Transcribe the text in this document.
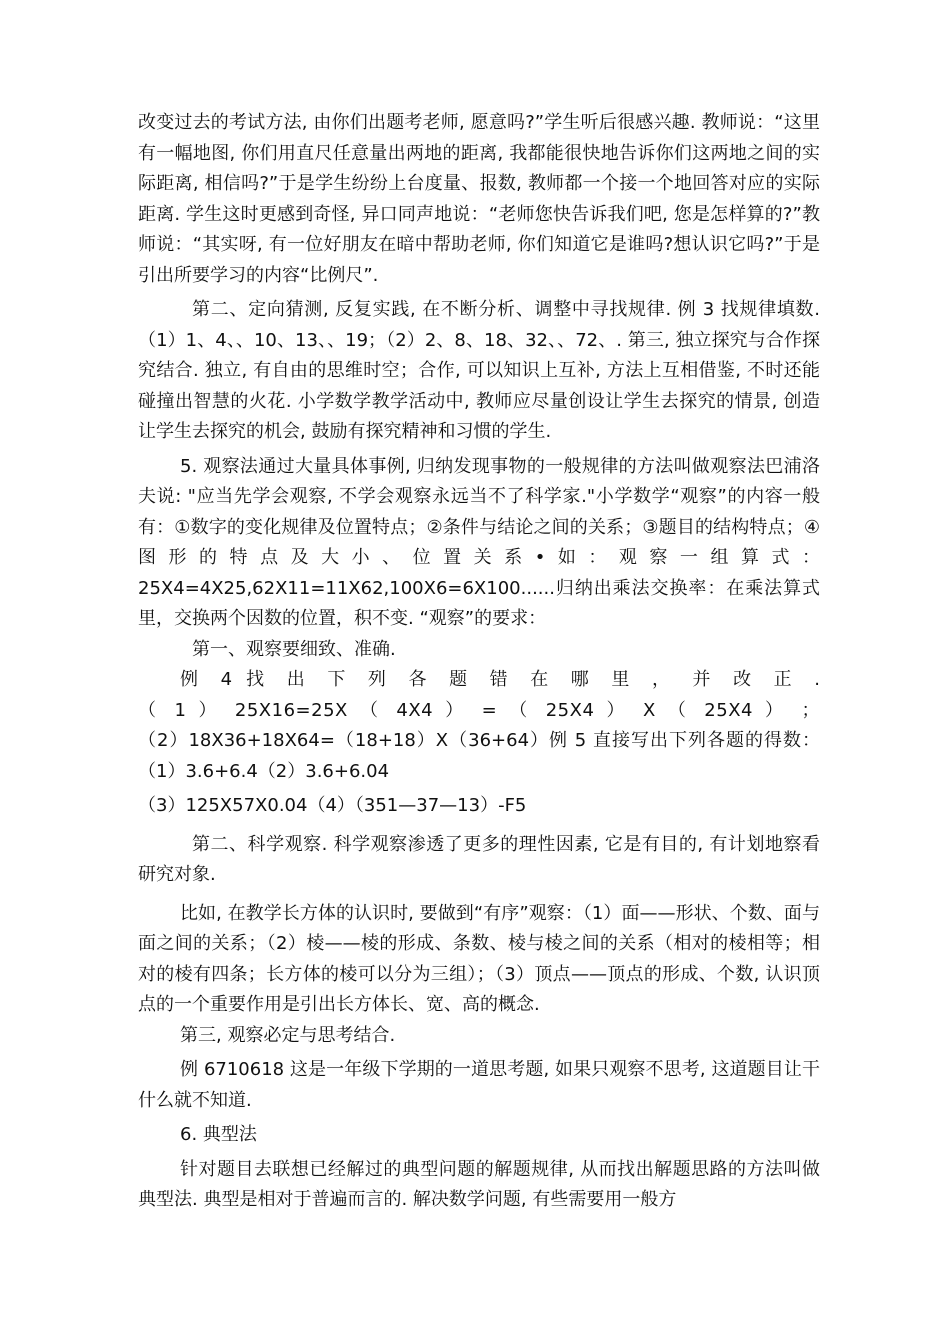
改变过去的考试方法, 由你们出题考老师, 愿意吗?”学生听后很感兴趣. 教师说：“这里有一幅地图, 你们用直尺任意量出两地的距离, 我都能很快地告诉你们这两地之间的实际距离, 相信吗?”于是学生纷纷上台度量、报数, 教师都一个接一个地回答对应的实际距离. 学生这时更感到奇怪, 异口同声地说：“老师您快告诉我们吧, 您是怎样算的?”教师说：“其实呀, 有一位好朋友在暗中帮助老师, 你们知道它是谁吗?想认识它吗?”于是引出所要学习的内容“比例尺”.

第二、定向猜测, 反复实践, 在不断分析、调整中寻找规律. 例 3 找规律填数. （1）1、4、、10、13、、19；（2）2、8、18、32、、72、. 第三, 独立探究与合作探究结合. 独立, 有自由的思维时空；合作, 可以知识上互补, 方法上互相借鉴, 不时还能碰撞出智慧的火花. 小学数学教学活动中, 教师应尽量创设让学生去探究的情景, 创造让学生去探究的机会, 鼓励有探究精神和习惯的学生.

5. 观察法通过大量具体事例, 归纳发现事物的一般规律的方法叫做观察法巴浦洛夫说: "应当先学会观察, 不学会观察永远当不了科学家."小学数学“观察”的内容一般有：①数字的变化规律及位置特点；②条件与结论之间的关系；③题目的结构特点；④图形的特点及大小、位置关系•如：观察一组算式：25X4=4X25,62X11=11X62,100X6=6X100......归纳出乘法交换率：在乘法算式里，交换两个因数的位置，积不变. “观察”的要求：

第一、观察要细致、准确.

例 4 找 出 下 列 各 题 错 在 哪 里 ， 并 改 正 .

（ 1 ） 25X16=25X （ 4X4 ） = （ 25X4 ） X （ 25X4 ） ；

（2）18X36+18X64=（18+18）X（36+64）例 5 直接写出下列各题的得数：（1）3.6+6.4（2）3.6+6.04

（3）125X57X0.04（4）（351—37—13）-F5

第二、科学观察. 科学观察渗透了更多的理性因素, 它是有目的, 有计划地察看研究对象.

比如, 在教学长方体的认识时, 要做到“有序”观察：（1）面——形状、个数、面与面之间的关系；（2）棱——棱的形成、条数、棱与棱之间的关系（相对的棱相等；相对的棱有四条；长方体的棱可以分为三组）；（3）顶点——顶点的形成、个数, 认识顶点的一个重要作用是引出长方体长、宽、高的概念.

第三, 观察必定与思考结合.

例 6710618 这是一年级下学期的一道思考题, 如果只观察不思考, 这道题目让干什么就不知道.

6. 典型法

针对题目去联想已经解过的典型问题的解题规律, 从而找出解题思路的方法叫做典型法. 典型是相对于普遍而言的. 解决数学问题, 有些需要用一般方
